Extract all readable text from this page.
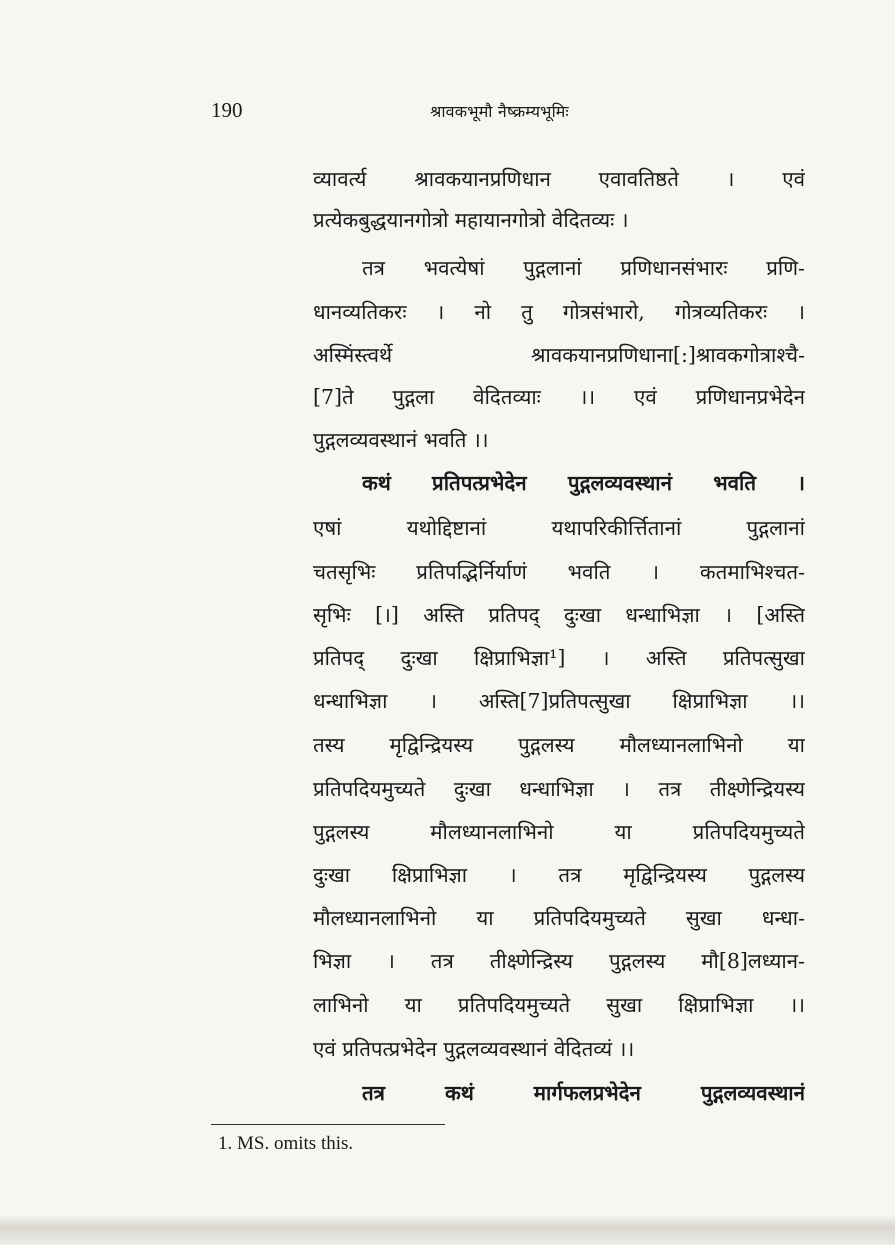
190	श्रावकभूमौ नैष्क्रम्यभूमिः
व्यावर्त्य श्रावकयानप्रणिधान एवावतिष्ठते । एवं
प्रत्येकबुद्धयानगोत्रो महायानगोत्रो वेदितव्यः ।
तत्र भवत्येषां पुद्गलानां प्रणिधानसंभारः प्रणि-
धानव्यतिकरः । नो तु गोत्रसंभारो, गोत्रव्यतिकरः ।
अस्मिंस्त्वर्थे श्रावकयानप्रणिधाना[:]श्रावकगोत्राश्चै-
[7]ते पुद्गला वेदितव्याः ।। एवं प्रणिधानप्रभेदेन
पुद्गलव्यवस्थानं भवति ।।
कथं प्रतिपत्प्रभेदेन पुद्गलव्यवस्थानं भवति ।
एषां यथोद्दिष्टानां यथापरिकीर्त्तितानां पुद्गलानां
चतसृभिः प्रतिपद्भिर्निर्याणं भवति । कतमाभिश्चत-
सृभिः [।] अस्ति प्रतिपद् दुःखा धन्धाभिज्ञा । [अस्ति
प्रतिपद् दुःखा क्षिप्राभिज्ञा¹] । अस्ति प्रतिपत्सुखा
धन्धाभिज्ञा । अस्ति[7]प्रतिपत्सुखा क्षिप्राभिज्ञा ।।
तस्य मृद्विन्द्रियस्य पुद्गलस्य मौलध्यानलाभिनो या
प्रतिपदियमुच्यते दुःखा धन्धाभिज्ञा । तत्र तीक्ष्णेन्द्रियस्य
पुद्गलस्य मौलध्यानलाभिनो या प्रतिपदियमुच्यते
दुःखा क्षिप्राभिज्ञा । तत्र मृद्विन्द्रियस्य पुद्गलस्य
मौलध्यानलाभिनो या प्रतिपदियमुच्यते सुखा धन्धा-
भिज्ञा । तत्र तीक्ष्णेन्द्रिस्य पुद्गलस्य मौ[8]लध्यान-
लाभिनो या प्रतिपदियमुच्यते सुखा क्षिप्राभिज्ञा ।।
एवं प्रतिपत्प्रभेदेन पुद्गलव्यवस्थानं वेदितव्यं ।।
तत्र कथं मार्गफलप्रभेदेन पुद्गलव्यवस्थानं
1. MS. omits this.
